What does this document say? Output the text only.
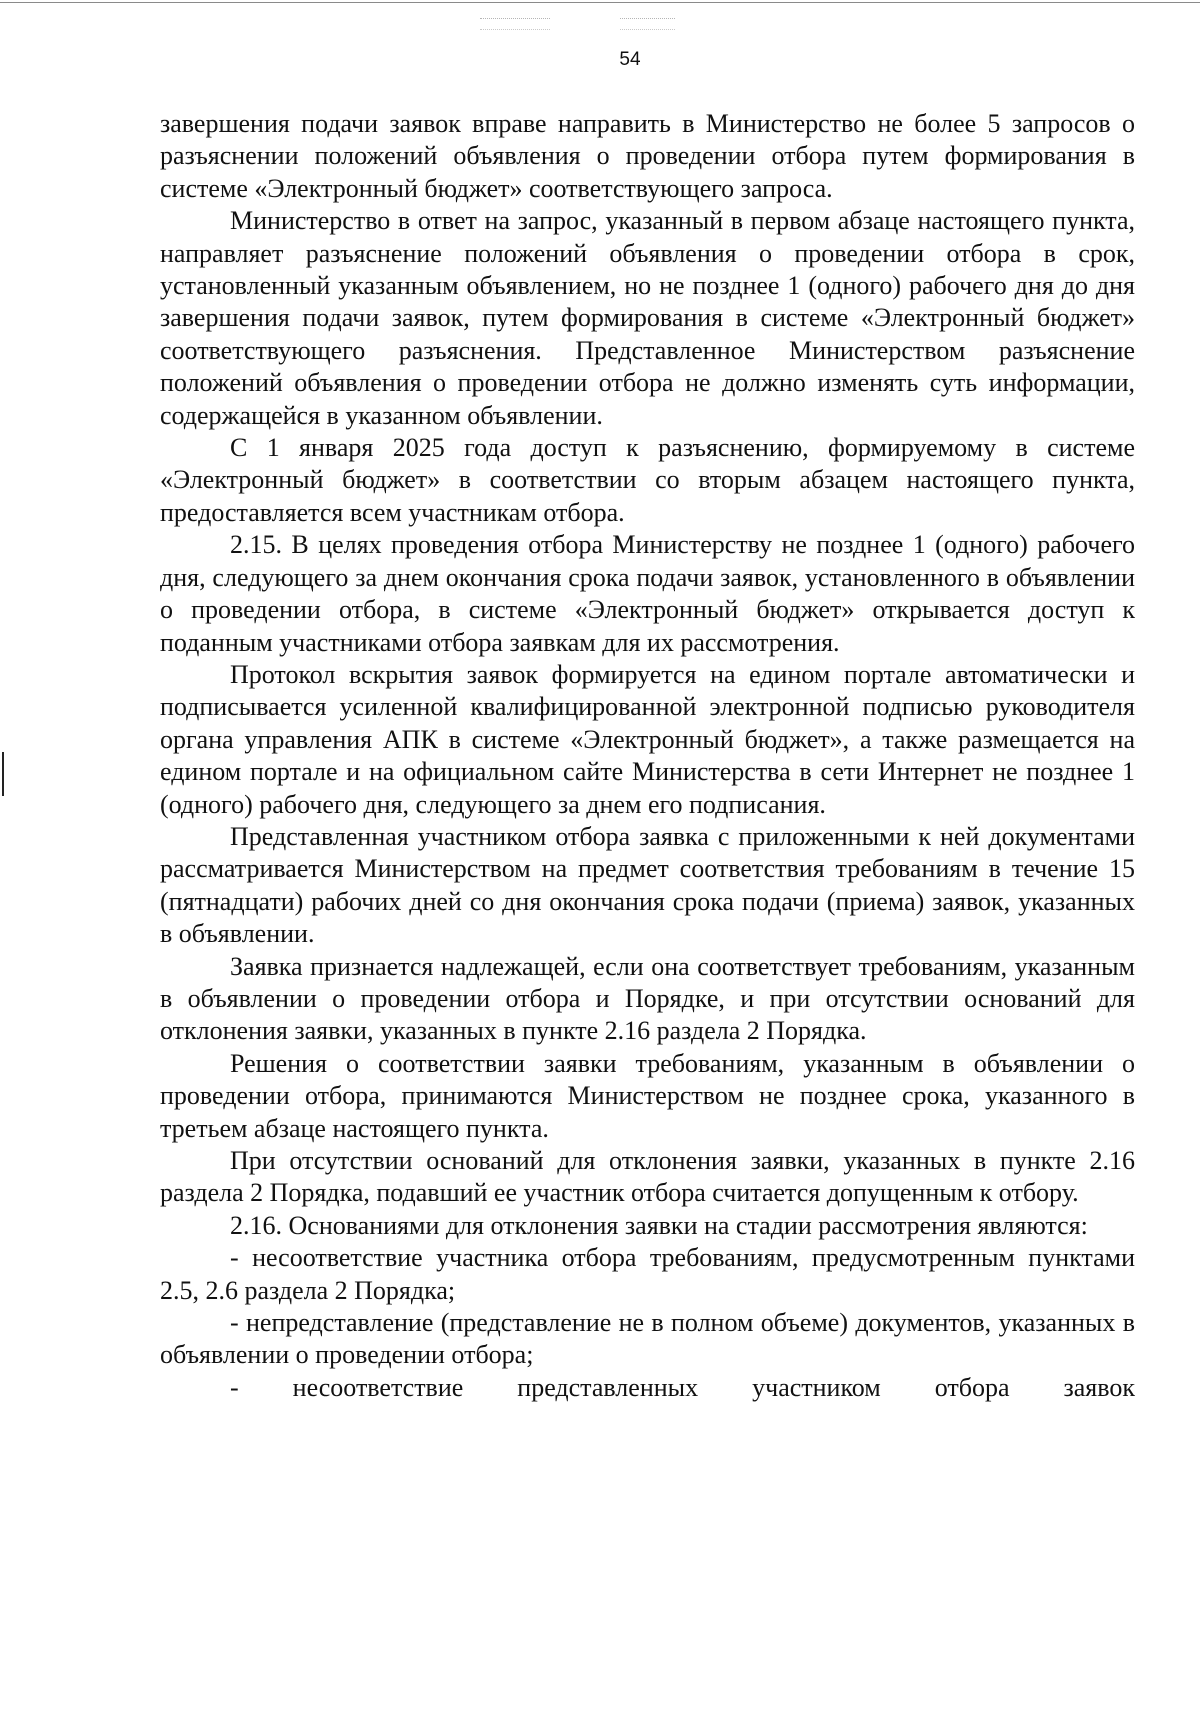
54

завершения подачи заявок вправе направить в Министерство не более 5 запросов о разъяснении положений объявления о проведении отбора путем формирования в системе «Электронный бюджет» соответствующего запроса.

Министерство в ответ на запрос, указанный в первом абзаце настоящего пункта, направляет разъяснение положений объявления о проведении отбора в срок, установленный указанным объявлением, но не позднее 1 (одного) рабочего дня до дня завершения подачи заявок, путем формирования в системе «Электронный бюджет» соответствующего разъяснения. Представленное Министерством разъяснение положений объявления о проведении отбора не должно изменять суть информации, содержащейся в указанном объявлении.

С 1 января 2025 года доступ к разъяснению, формируемому в системе «Электронный бюджет» в соответствии со вторым абзацем настоящего пункта, предоставляется всем участникам отбора.

2.15. В целях проведения отбора Министерству не позднее 1 (одного) рабочего дня, следующего за днем окончания срока подачи заявок, установленного в объявлении о проведении отбора, в системе «Электронный бюджет» открывается доступ к поданным участниками отбора заявкам для их рассмотрения.

Протокол вскрытия заявок формируется на едином портале автоматически и подписывается усиленной квалифицированной электронной подписью руководителя органа управления АПК в системе «Электронный бюджет», а также размещается на едином портале и на официальном сайте Министерства в сети Интернет не позднее 1 (одного) рабочего дня, следующего за днем его подписания.

Представленная участником отбора заявка с приложенными к ней документами рассматривается Министерством на предмет соответствия требованиям в течение 15 (пятнадцати) рабочих дней со дня окончания срока подачи (приема) заявок, указанных в объявлении.

Заявка признается надлежащей, если она соответствует требованиям, указанным в объявлении о проведении отбора и Порядке, и при отсутствии оснований для отклонения заявки, указанных в пункте 2.16 раздела 2 Порядка.

Решения о соответствии заявки требованиям, указанным в объявлении о проведении отбора, принимаются Министерством не позднее срока, указанного в третьем абзаце настоящего пункта.

При отсутствии оснований для отклонения заявки, указанных в пункте 2.16 раздела 2 Порядка, подавший ее участник отбора считается допущенным к отбору.

2.16. Основаниями для отклонения заявки на стадии рассмотрения являются:

- несоответствие участника отбора требованиям, предусмотренным пунктами 2.5, 2.6 раздела 2 Порядка;

- непредставление (представление не в полном объеме) документов, указанных в объявлении о проведении отбора;

- несоответствие представленных участником отбора заявок
